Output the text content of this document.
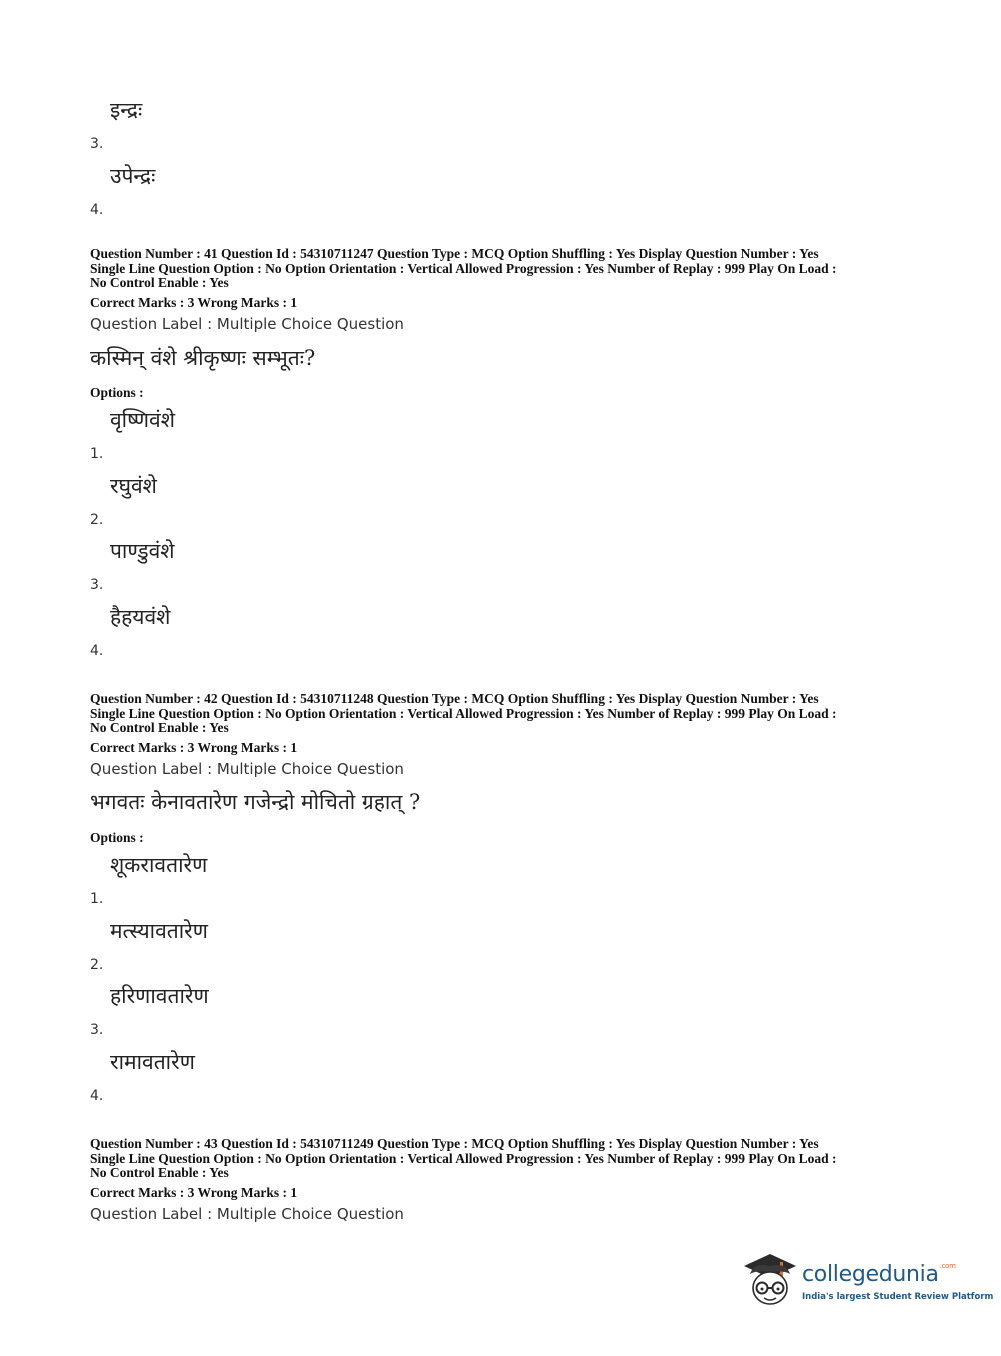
3.
इन्द्रः
4.
उपेन्द्रः
Question Number : 41 Question Id : 54310711247 Question Type : MCQ Option Shuffling : Yes Display Question Number : Yes
Single Line Question Option : No Option Orientation : Vertical Allowed Progression : Yes Number of Replay : 999 Play On Load :
No Control Enable : Yes
Correct Marks : 3 Wrong Marks : 1
Question Label : Multiple Choice Question
कस्मिन् वंशे श्रीकृष्णः सम्भूतः?
Options :
1.
वृष्णिवंशे
2.
रघुवंशे
3.
पाण्डुवंशे
4.
हैहयवंशे
Question Number : 42 Question Id : 54310711248 Question Type : MCQ Option Shuffling : Yes Display Question Number : Yes
Single Line Question Option : No Option Orientation : Vertical Allowed Progression : Yes Number of Replay : 999 Play On Load :
No Control Enable : Yes
Correct Marks : 3 Wrong Marks : 1
Question Label : Multiple Choice Question
भगवतः केनावतारेण गजेन्द्रो मोचितो ग्रहात् ?
Options :
1.
शूकरावतारेण
2.
मत्स्यावतारेण
3.
हरिणावतारेण
4.
रामावतारेण
Question Number : 43 Question Id : 54310711249 Question Type : MCQ Option Shuffling : Yes Display Question Number : Yes
Single Line Question Option : No Option Orientation : Vertical Allowed Progression : Yes Number of Replay : 999 Play On Load :
No Control Enable : Yes
Correct Marks : 3 Wrong Marks : 1
Question Label : Multiple Choice Question
collegedunia$^{.com}$
India's largest Student Review Platform
